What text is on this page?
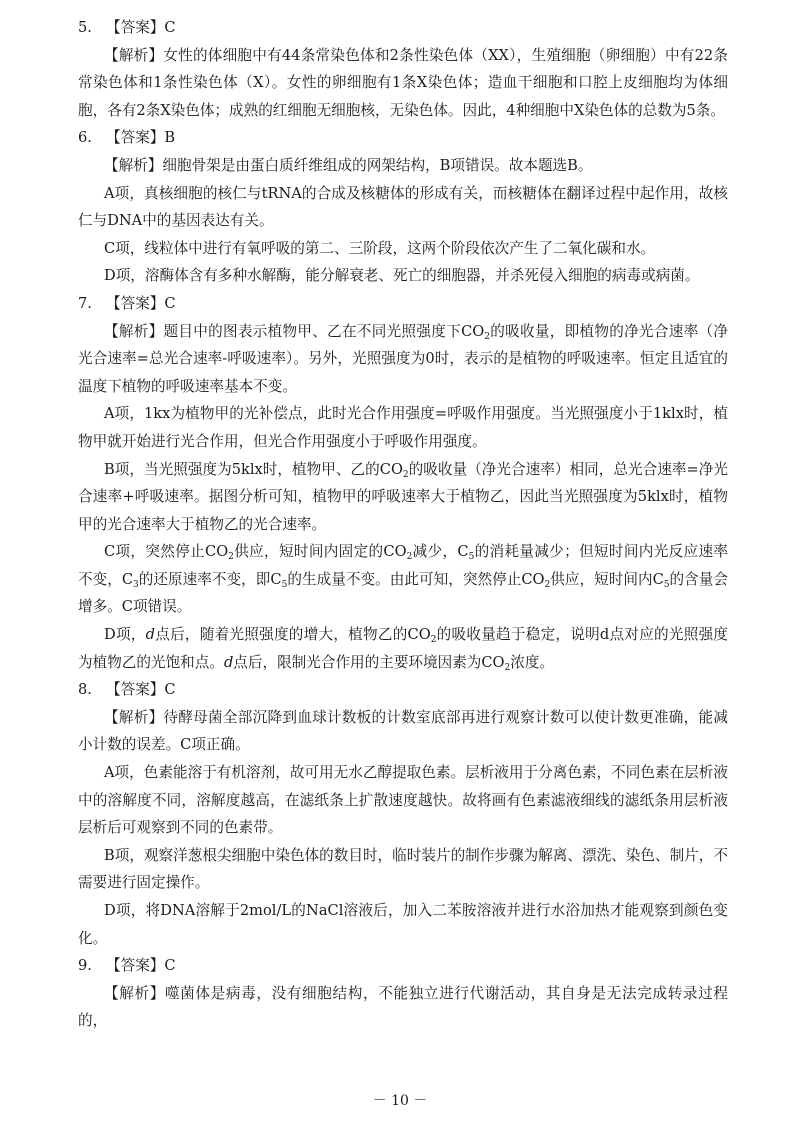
5. 【答案】C

【解析】女性的体细胞中有44条常染色体和2条性染色体（XX），生殖细胞（卵细胞）中有22条常染色体和1条性染色体（X）。女性的卵细胞有1条X染色体；造血干细胞和口腔上皮细胞均为体细胞，各有2条X染色体；成熟的红细胞无细胞核，无染色体。因此，4种细胞中X染色体的总数为5条。

6. 【答案】B

【解析】细胞骨架是由蛋白质纤维组成的网架结构，B项错误。故本题选B。

A项，真核细胞的核仁与tRNA的合成及核糖体的形成有关，而核糖体在翻译过程中起作用，故核仁与DNA中的基因表达有关。

C项，线粒体中进行有氧呼吸的第二、三阶段，这两个阶段依次产生了二氧化碳和水。

D项，溶酶体含有多种水解酶，能分解衰老、死亡的细胞器，并杀死侵入细胞的病毒或病菌。

7. 【答案】C

【解析】题目中的图表示植物甲、乙在不同光照强度下$CO_2$的吸收量，即植物的净光合速率（净光合速率=总光合速率-呼吸速率）。另外，光照强度为0时，表示的是植物的呼吸速率。恒定且适宜的温度下植物的呼吸速率基本不变。

A项，1kx为植物甲的光补偿点，此时光合作用强度=呼吸作用强度。当光照强度小于1klx时，植物甲就开始进行光合作用，但光合作用强度小于呼吸作用强度。

B项，当光照强度为5klx时，植物甲、乙的$CO_2$的吸收量（净光合速率）相同，总光合速率=净光合速率+呼吸速率。据图分析可知，植物甲的呼吸速率大于植物乙，因此当光照强度为5klx时，植物甲的光合速率大于植物乙的光合速率。

C项，突然停止$CO_2$供应，短时间内固定的$CO_2$减少，$C_5$的消耗量减少；但短时间内光反应速率不变，$C_3$的还原速率不变，即$C_5$的生成量不变。由此可知，突然停止$CO_2$供应，短时间内$C_5$的含量会增多。C项错误。

D项，d点后，随着光照强度的增大，植物乙的$CO_2$的吸收量趋于稳定，说明d点对应的光照强度为植物乙的光饱和点。d点后，限制光合作用的主要环境因素为$CO_2$浓度。

8. 【答案】C

【解析】待酵母菌全部沉降到血球计数板的计数室底部再进行观察计数可以使计数更准确，能减小计数的误差。C项正确。

A项，色素能溶于有机溶剂，故可用无水乙醇提取色素。层析液用于分离色素，不同色素在层析液中的溶解度不同，溶解度越高，在滤纸条上扩散速度越快。故将画有色素滤液细线的滤纸条用层析液层析后可观察到不同的色素带。

B项，观察洋葱根尖细胞中染色体的数目时，临时装片的制作步骤为解离、漂洗、染色、制片，不需要进行固定操作。

D项，将DNA溶解于2mol/L的NaCl溶液后，加入二苯胺溶液并进行水浴加热才能观察到颜色变化。

9. 【答案】C

【解析】噬菌体是病毒，没有细胞结构，不能独立进行代谢活动，其自身是无法完成转录过程的，

－ 10 －
